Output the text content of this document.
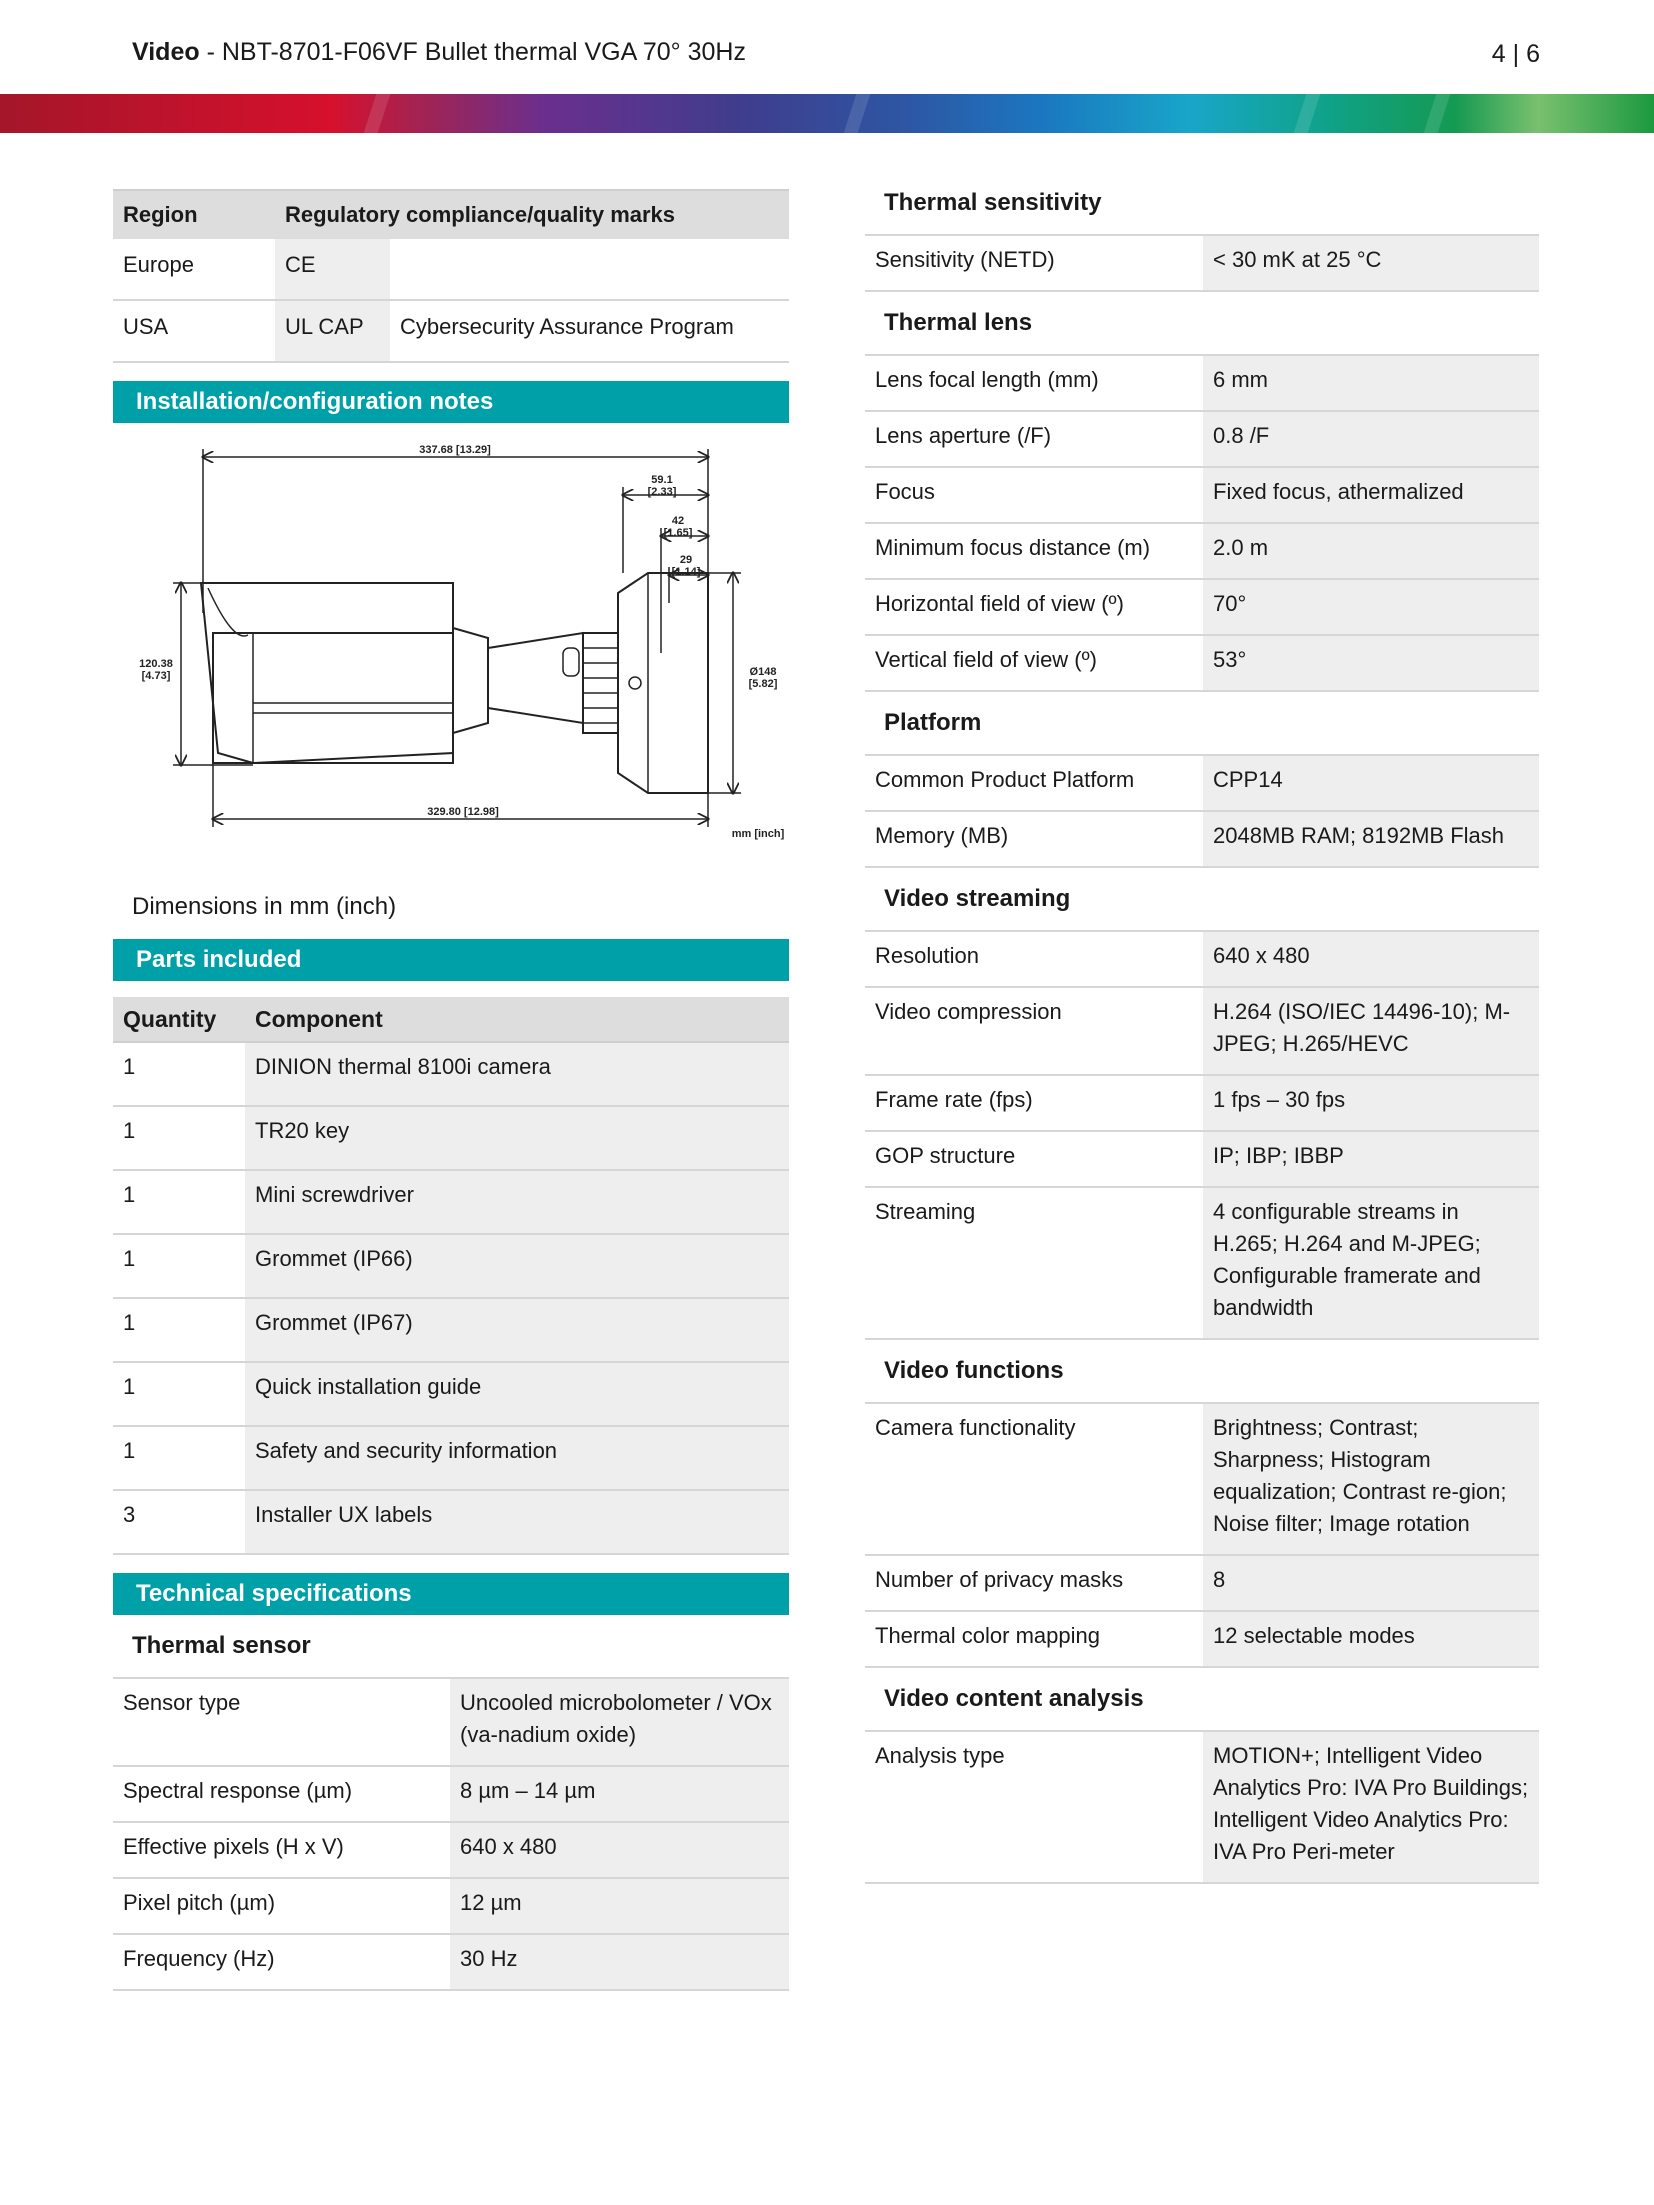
Video - NBT-8701-F06VF Bullet thermal VGA 70° 30Hz	4 | 6
Region	Regulatory compliance/quality marks	
Europe	CE	
USA	UL CAP	Cybersecurity Assurance Program
Installation/configuration notes
337.68 [13.29]
59.1
[2.33]
42
[1.65]
29
[1.14]
120.38
[4.73]	Ø148
[5.82]
329.80 [12.98]
mm [inch]
Dimensions in mm (inch)
Parts included
Quantity	Component
1	DINION thermal 8100i camera
1	TR20 key
1	Mini screwdriver
1	Grommet (IP66)
1	Grommet (IP67)
1	Quick installation guide
1	Safety and security information
3	Installer UX labels
Technical specifications
Thermal sensor
Sensor type	Uncooled microbolometer / VOx (va-nadium oxide)
Spectral response (µm)	8 µm – 14 µm
Effective pixels (H x V)	640 x 480
Pixel pitch (µm)	12 µm
Frequency (Hz)	30 Hz
Thermal sensitivity
Sensitivity (NETD)	< 30 mK at 25 °C
Thermal lens
Lens focal length (mm)	6 mm
Lens aperture (/F)	0.8 /F
Focus	Fixed focus, athermalized
Minimum focus distance (m)	2.0 m
Horizontal field of view (º)	70°
Vertical field of view (º)	53°
Platform
Common Product Platform	CPP14
Memory (MB)	2048MB RAM; 8192MB Flash
Video streaming
Resolution	640 x 480
Video compression	H.264 (ISO/IEC 14496-10); M-JPEG; H.265/HEVC
Frame rate (fps)	1 fps – 30 fps
GOP structure	IP; IBP; IBBP
Streaming	4 configurable streams in H.265; H.264 and M-JPEG; Configurable framerate and bandwidth
Video functions
Camera functionality	Brightness; Contrast; Sharpness; Histogram equalization; Contrast re-gion; Noise filter; Image rotation
Number of privacy masks	8
Thermal color mapping	12 selectable modes
Video content analysis
Analysis type	MOTION+; Intelligent Video Analytics Pro: IVA Pro Buildings; Intelligent Video Analytics Pro: IVA Pro Peri-meter
